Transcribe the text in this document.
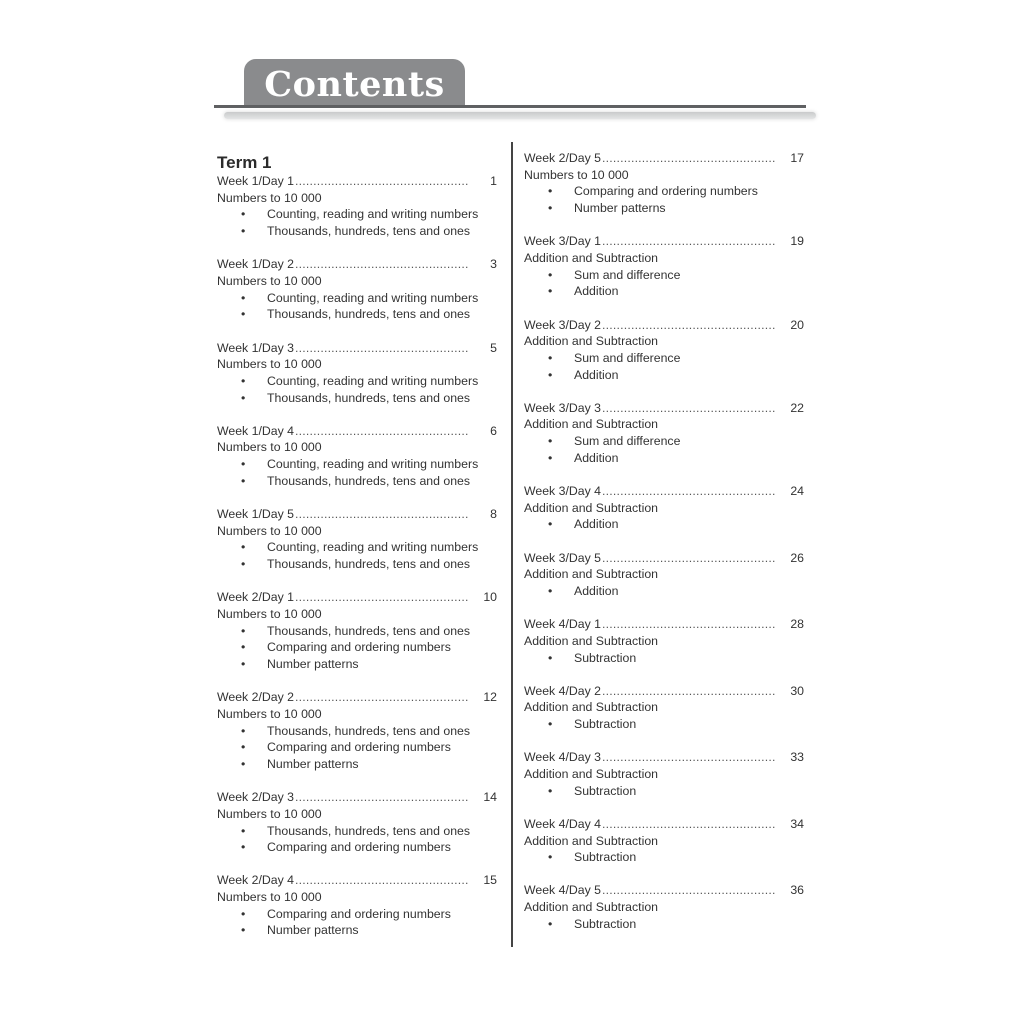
Contents
Term 1
Week 1/Day 1 .....	1
Numbers to 10 000
•	Counting, reading and writing numbers
•	Thousands, hundreds, tens and ones
Week 1/Day 2 .....	3
Numbers to 10 000
•	Counting, reading and writing numbers
•	Thousands, hundreds, tens and ones
Week 1/Day 3 .....	5
Numbers to 10 000
•	Counting, reading and writing numbers
•	Thousands, hundreds, tens and ones
Week 1/Day 4 .....	6
Numbers to 10 000
•	Counting, reading and writing numbers
•	Thousands, hundreds, tens and ones
Week 1/Day 5 .....	8
Numbers to 10 000
•	Counting, reading and writing numbers
•	Thousands, hundreds, tens and ones
Week 2/Day 1 .....	10
Numbers to 10 000
•	Thousands, hundreds, tens and ones
•	Comparing and ordering numbers
•	Number patterns
Week 2/Day 2 .....	12
Numbers to 10 000
•	Thousands, hundreds, tens and ones
•	Comparing and ordering numbers
•	Number patterns
Week 2/Day 3 .....	14
Numbers to 10 000
•	Thousands, hundreds, tens and ones
•	Comparing and ordering numbers
Week 2/Day 4 .....	15
Numbers to 10 000
•	Comparing and ordering numbers
•	Number patterns
Week 2/Day 5 .....	17
Numbers to 10 000
•	Comparing and ordering numbers
•	Number patterns
Week 3/Day 1 .....	19
Addition and Subtraction
•	Sum and difference
•	Addition
Week 3/Day 2 .....	20
Addition and Subtraction
•	Sum and difference
•	Addition
Week 3/Day 3 .....	22
Addition and Subtraction
•	Sum and difference
•	Addition
Week 3/Day 4 .....	24
Addition and Subtraction
•	Addition
Week 3/Day 5 .....	26
Addition and Subtraction
•	Addition
Week 4/Day 1 .....	28
Addition and Subtraction
•	Subtraction
Week 4/Day 2 .....	30
Addition and Subtraction
•	Subtraction
Week 4/Day 3 .....	33
Addition and Subtraction
•	Subtraction
Week 4/Day 4 .....	34
Addition and Subtraction
•	Subtraction
Week 4/Day 5 .....	36
Addition and Subtraction
•	Subtraction
